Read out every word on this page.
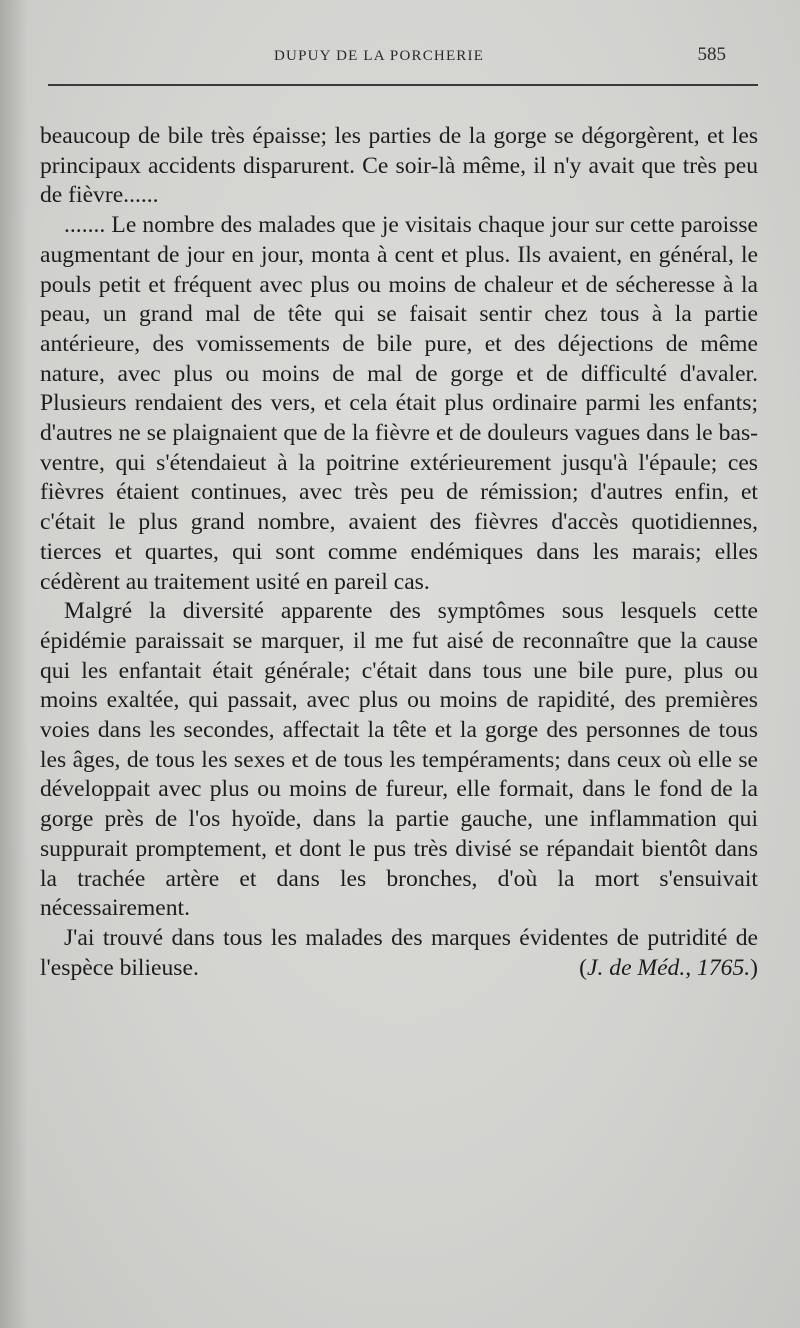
DUPUY DE LA PORCHERIE	585

beaucoup de bile très épaisse; les parties de la gorge se dégorgèrent, et les principaux accidents disparurent. Ce soir-là même, il n'y avait que très peu de fièvre......

....... Le nombre des malades que je visitais chaque jour sur cette paroisse augmentant de jour en jour, monta à cent et plus. Ils avaient, en général, le pouls petit et fréquent avec plus ou moins de chaleur et de sécheresse à la peau, un grand mal de tête qui se faisait sentir chez tous à la partie antérieure, des vomissements de bile pure, et des déjections de même nature, avec plus ou moins de mal de gorge et de difficulté d'avaler. Plusieurs rendaient des vers, et cela était plus ordinaire parmi les enfants; d'autres ne se plaignaient que de la fièvre et de douleurs vagues dans le bas-ventre, qui s'étendaieut à la poitrine extérieurement jusqu'à l'épaule; ces fièvres étaient continues, avec très peu de rémission; d'autres enfin, et c'était le plus grand nombre, avaient des fièvres d'accès quotidiennes, tierces et quartes, qui sont comme endémiques dans les marais; elles cédèrent au traitement usité en pareil cas.

Malgré la diversité apparente des symptômes sous lesquels cette épidémie paraissait se marquer, il me fut aisé de reconnaître que la cause qui les enfantait était générale; c'était dans tous une bile pure, plus ou moins exaltée, qui passait, avec plus ou moins de rapidité, des premières voies dans les secondes, affectait la tête et la gorge des personnes de tous les âges, de tous les sexes et de tous les tempéraments; dans ceux où elle se développait avec plus ou moins de fureur, elle formait, dans le fond de la gorge près de l'os hyoïde, dans la partie gauche, une inflammation qui suppurait promptement, et dont le pus très divisé se répandait bientôt dans la trachée artère et dans les bronches, d'où la mort s'ensuivait nécessairement.

J'ai trouvé dans tous les malades des marques évidentes de putridité de l'espèce bilieuse.	(J. de Méd., 1765.)
